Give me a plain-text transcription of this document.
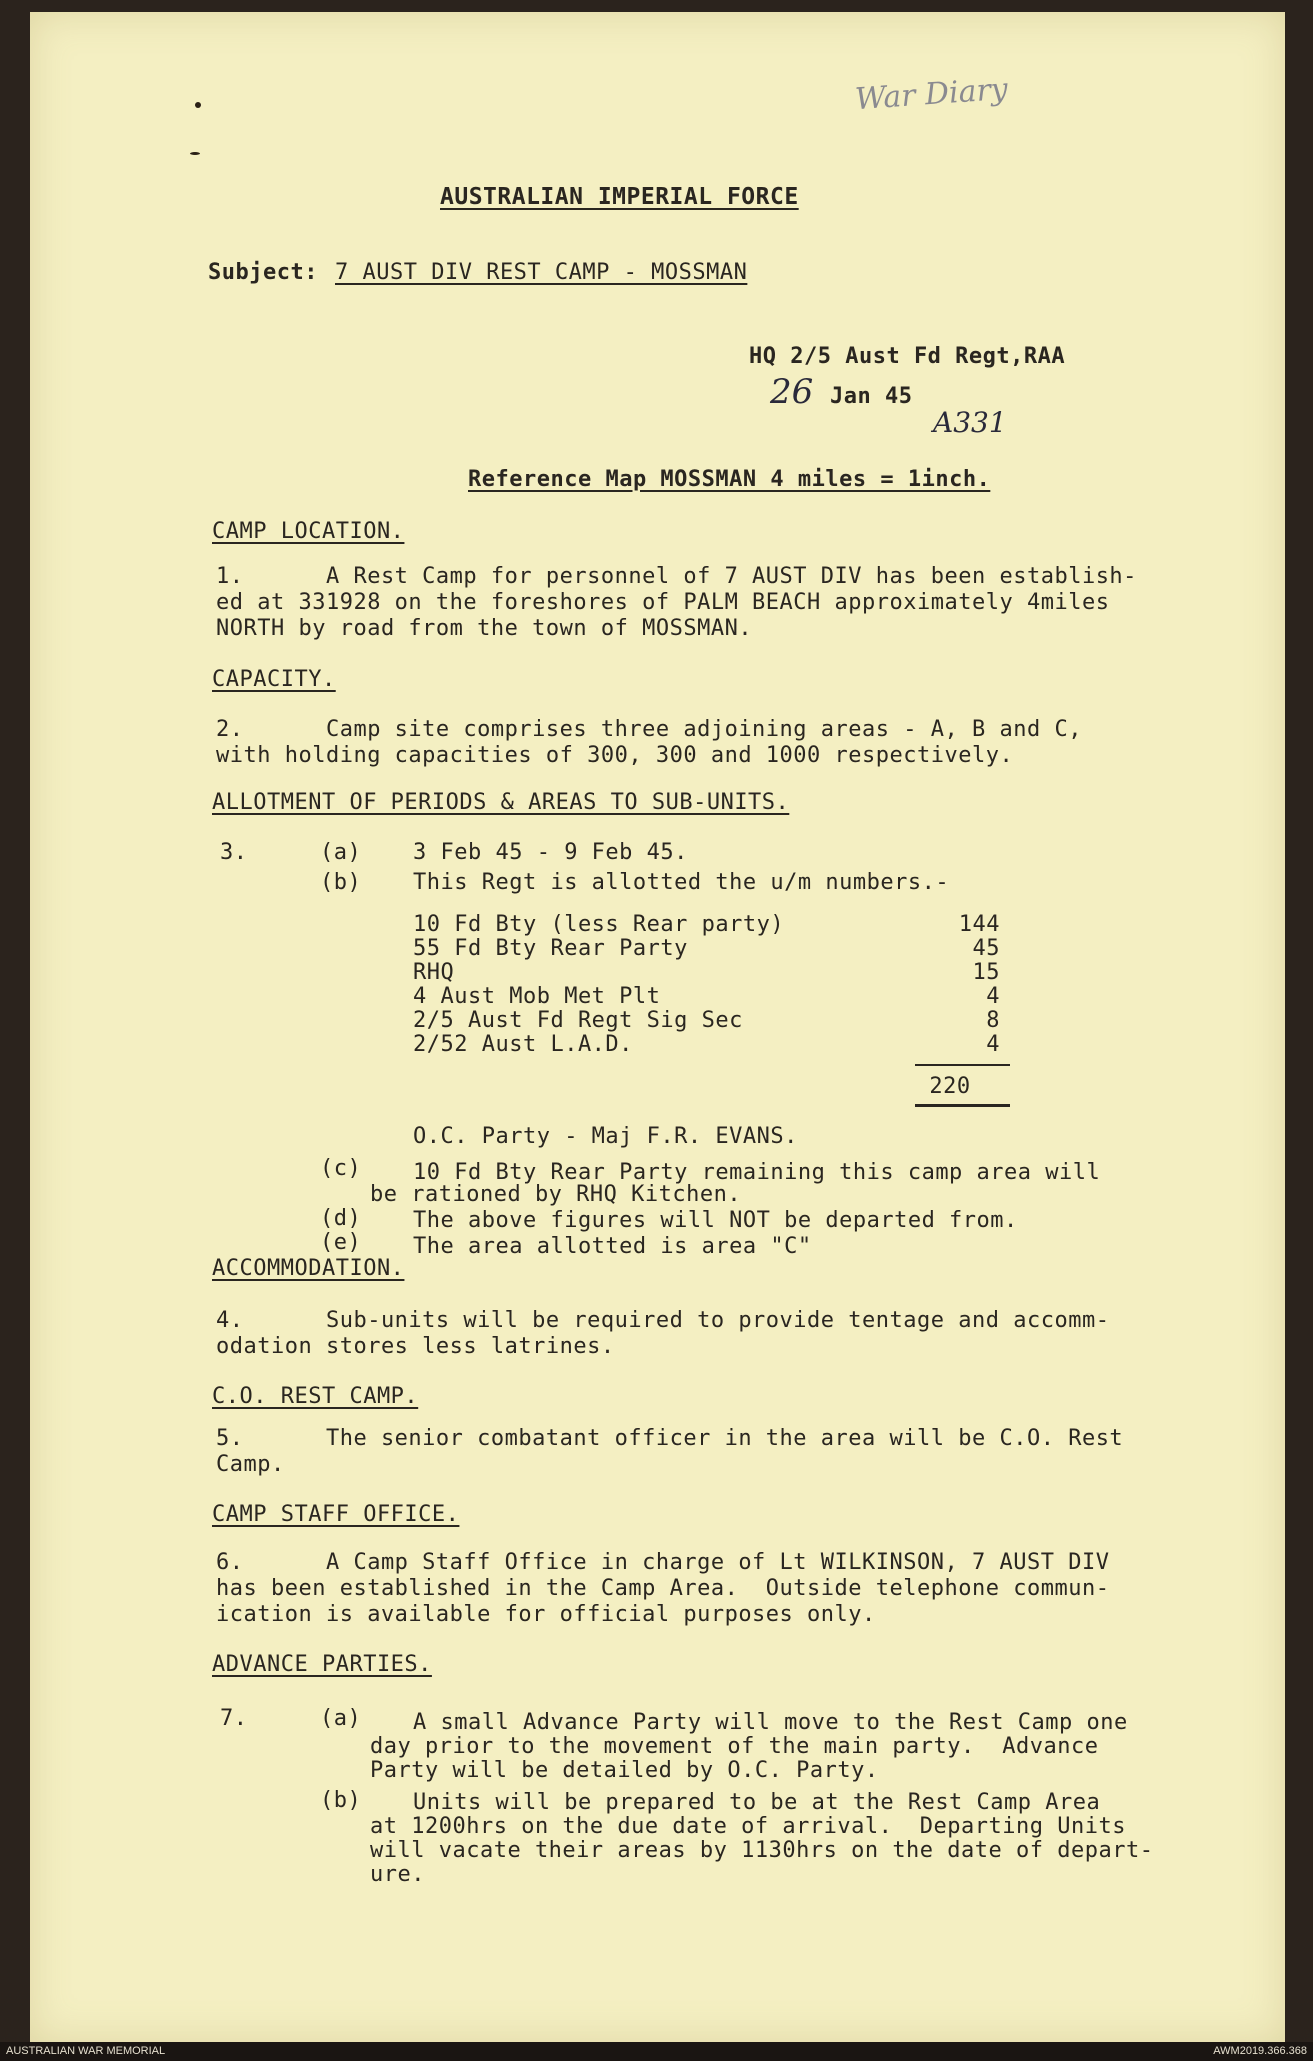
War Diary
AUSTRALIAN IMPERIAL FORCE
Subject: 7 AUST DIV REST CAMP - MOSSMAN
HQ 2/5 Aust Fd Regt,RAA
26 Jan 45
A331
Reference Map MOSSMAN 4 miles = 1inch.
CAMP LOCATION.
1.      A Rest Camp for personnel of 7 AUST DIV has been establish-
ed at 331928 on the foreshores of PALM BEACH approximately 4miles
NORTH by road from the town of MOSSMAN.
CAPACITY.
2.      Camp site comprises three adjoining areas - A, B and C,
with holding capacities of 300, 300 and 1000 respectively.
ALLOTMENT OF PERIODS & AREAS TO SUB-UNITS.
3.	(a) 3 Feb 45 - 9 Feb 45.
(b) This Regt is allotted the u/m numbers.-
10 Fd Bty (less Rear party)	144
55 Fd Bty Rear Party	45
RHQ	15
4 Aust Mob Met Plt	4
2/5 Aust Fd Regt Sig Sec	8
2/52 Aust L.A.D.	4
220
O.C. Party - Maj F.R. EVANS.
(c) 10 Fd Bty Rear Party remaining this camp area will
be rationed by RHQ Kitchen.
(d) The above figures will NOT be departed from.
(e) The area allotted is area "C"
ACCOMMODATION.
4.      Sub-units will be required to provide tentage and accomm-
odation stores less latrines.
C.O. REST CAMP.
5.      The senior combatant officer in the area will be C.O. Rest
Camp.
CAMP STAFF OFFICE.
6.      A Camp Staff Office in charge of Lt WILKINSON, 7 AUST DIV
has been established in the Camp Area.  Outside telephone commun-
ication is available for official purposes only.
ADVANCE PARTIES.
7.	(a) A small Advance Party will move to the Rest Camp one
day prior to the movement of the main party.  Advance
Party will be detailed by O.C. Party.
(b) Units will be prepared to be at the Rest Camp Area
at 1200hrs on the due date of arrival.  Departing Units
will vacate their areas by 1130hrs on the date of depart-
ure.
AUSTRALIAN WAR MEMORIAL	AWM2019.366.368
